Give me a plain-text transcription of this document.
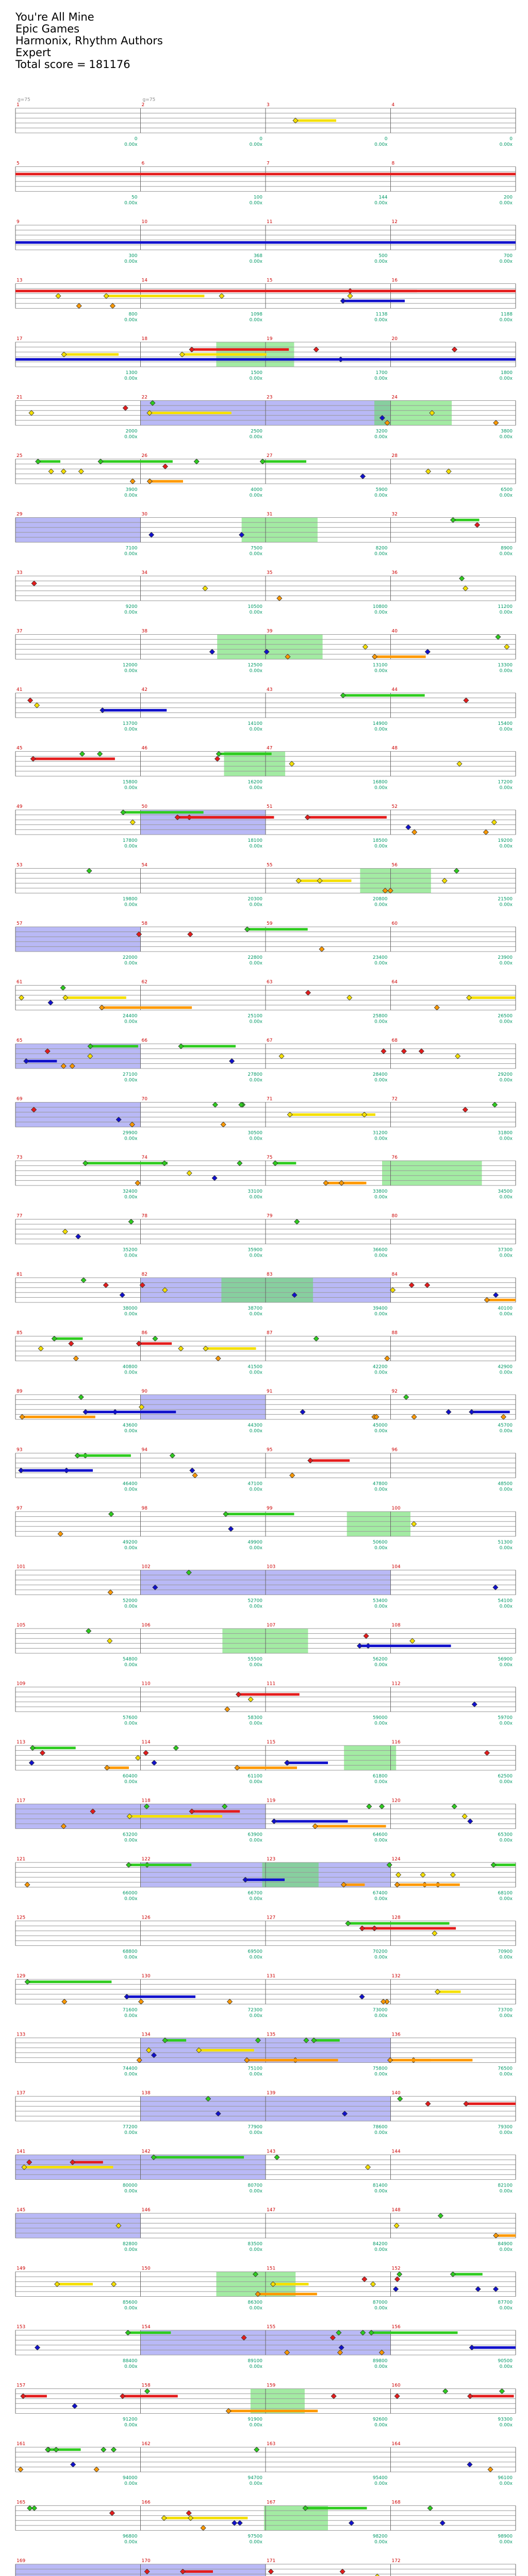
You're All Mine
Epic Games
Harmonix, Rhythm Authors
Expert
Total score = 181176
1
0
0.00x
2
0
0.00x
3
0
0.00x
4
0
0.00x
g=75	g=75
5
50
0.00x
6
100
0.00x
7
144
0.00x
8
200
0.00x
9
300
0.00x
10
368
0.00x
11
500
0.00x
12
700
0.00x
13
800
0.00x
14
1098
0.00x
15
1138
0.00x
16
1188
0.00x
17
1300
0.00x
18
1500
0.00x
19
1700
0.00x
20
1800
0.00x
21
2000
0.00x
22
2500
0.00x
23
3200
0.00x
24
3800
0.00x
25
3900
0.00x
26
4000
0.00x
27
5900
0.00x
28
6500
0.00x
29
7100
0.00x
30
7500
0.00x
31
8200
0.00x
32
8900
0.00x
33
9200
0.00x
34
10500
0.00x
35
10800
0.00x
36
11200
0.00x
37
12000
0.00x
38
12500
0.00x
39
13100
0.00x
40
13300
0.00x
41
13700
0.00x
42
14100
0.00x
43
14900
0.00x
44
15400
0.00x
45
15800
0.00x
46
16200
0.00x
47
16800
0.00x
48
17200
0.00x
49
17800
0.00x
50
18100
0.00x
51
18500
0.00x
52
19200
0.00x
53
19800
0.00x
54
20300
0.00x
55
20800
0.00x
56
21500
0.00x
57
22000
0.00x
58
22800
0.00x
59
23400
0.00x
60
23900
0.00x
61
24400
0.00x
62
25100
0.00x
63
25800
0.00x
64
26500
0.00x
65
27100
0.00x
66
27800
0.00x
67
28400
0.00x
68
29200
0.00x
69
29900
0.00x
70
30500
0.00x
71
31200
0.00x
72
31800
0.00x
73
32400
0.00x
74
33100
0.00x
75
33800
0.00x
76
34500
0.00x
77
35200
0.00x
78
35900
0.00x
79
36600
0.00x
80
37300
0.00x
81
38000
0.00x
82
38700
0.00x
83
39400
0.00x
84
40100
0.00x
85
40800
0.00x
86
41500
0.00x
87
42200
0.00x
88
42900
0.00x
89
43600
0.00x
90
44300
0.00x
91
45000
0.00x
92
45700
0.00x
93
46400
0.00x
94
47100
0.00x
95
47800
0.00x
96
48500
0.00x
97
49200
0.00x
98
49900
0.00x
99
50600
0.00x
100
51300
0.00x
101
52000
0.00x
102
52700
0.00x
103
53400
0.00x
104
54100
0.00x
105
54800
0.00x
106
55500
0.00x
107
56200
0.00x
108
56900
0.00x
109
57600
0.00x
110
58300
0.00x
111
59000
0.00x
112
59700
0.00x
113
60400
0.00x
114
61100
0.00x
115
61800
0.00x
116
62500
0.00x
117
63200
0.00x
118
63900
0.00x
119
64600
0.00x
120
65300
0.00x
121
66000
0.00x
122
66700
0.00x
123
67400
0.00x
124
68100
0.00x
125
68800
0.00x
126
69500
0.00x
127
70200
0.00x
128
70900
0.00x
129
71600
0.00x
130
72300
0.00x
131
73000
0.00x
132
73700
0.00x
133
74400
0.00x
134
75100
0.00x
135
75800
0.00x
136
76500
0.00x
137
77200
0.00x
138
77900
0.00x
139
78600
0.00x
140
79300
0.00x
141
80000
0.00x
142
80700
0.00x
143
81400
0.00x
144
82100
0.00x
145
82800
0.00x
146
83500
0.00x
147
84200
0.00x
148
84900
0.00x
149
85600
0.00x
150
86300
0.00x
151
87000
0.00x
152
87700
0.00x
153
88400
0.00x
154
89100
0.00x
155
89800
0.00x
156
90500
0.00x
157
91200
0.00x
158
91900
0.00x
159
92600
0.00x
160
93300
0.00x
161
94000
0.00x
162
94700
0.00x
163
95400
0.00x
164
96100
0.00x
165
96800
0.00x
166
97500
0.00x
167
98200
0.00x
168
98900
0.00x
169	170	171	172
